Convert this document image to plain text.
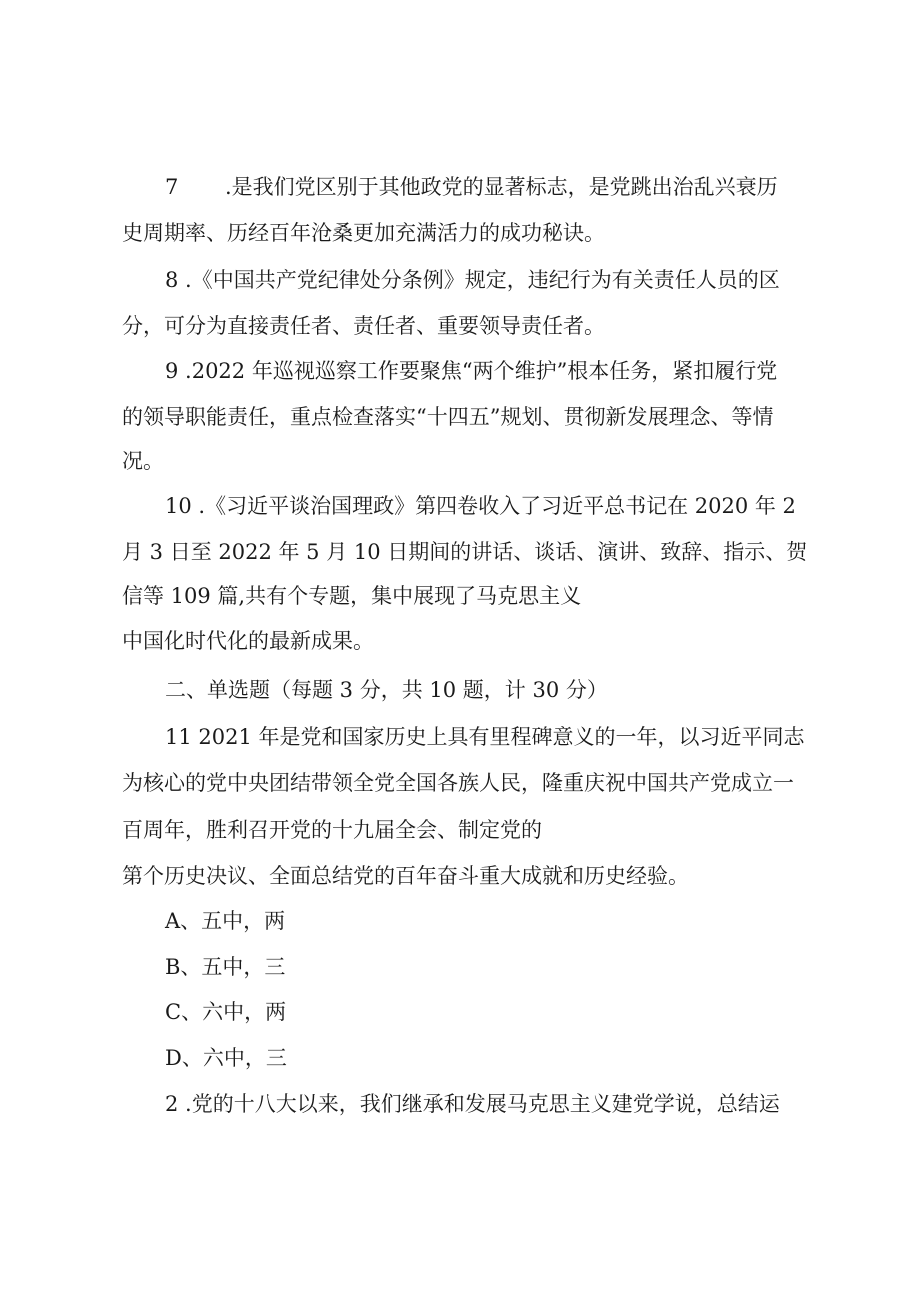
7 .是我们党区别于其他政党的显著标志，是党跳出治乱兴衰历
史周期率、历经百年沧桑更加充满活力的成功秘诀。
8 .《中国共产党纪律处分条例》规定，违纪行为有关责任人员的区
分，可分为直接责任者、责任者、重要领导责任者。
9 .2022 年巡视巡察工作要聚焦“两个维护”根本任务，紧扣履行党
的领导职能责任，重点检查落实“十四五”规划、贯彻新发展理念、等情
况。
10 .《习近平谈治国理政》第四卷收入了习近平总书记在 2020 年 2
月 3 日至 2022 年 5 月 10 日期间的讲话、谈话、演讲、致辞、指示、贺
信等 109 篇,共有个专题，集中展现了马克思主义
中国化时代化的最新成果。
二、单选题（每题 3 分，共 10 题，计 30 分）
11 2021 年是党和国家历史上具有里程碑意义的一年，以习近平同志
为核心的党中央团结带领全党全国各族人民，隆重庆祝中国共产党成立一
百周年，胜利召开党的十九届全会、制定党的
第个历史决议、全面总结党的百年奋斗重大成就和历史经验。
A、五中，两
B、五中，三
C、六中，两
D、六中，三
2 .党的十八大以来，我们继承和发展马克思主义建党学说，总结运
